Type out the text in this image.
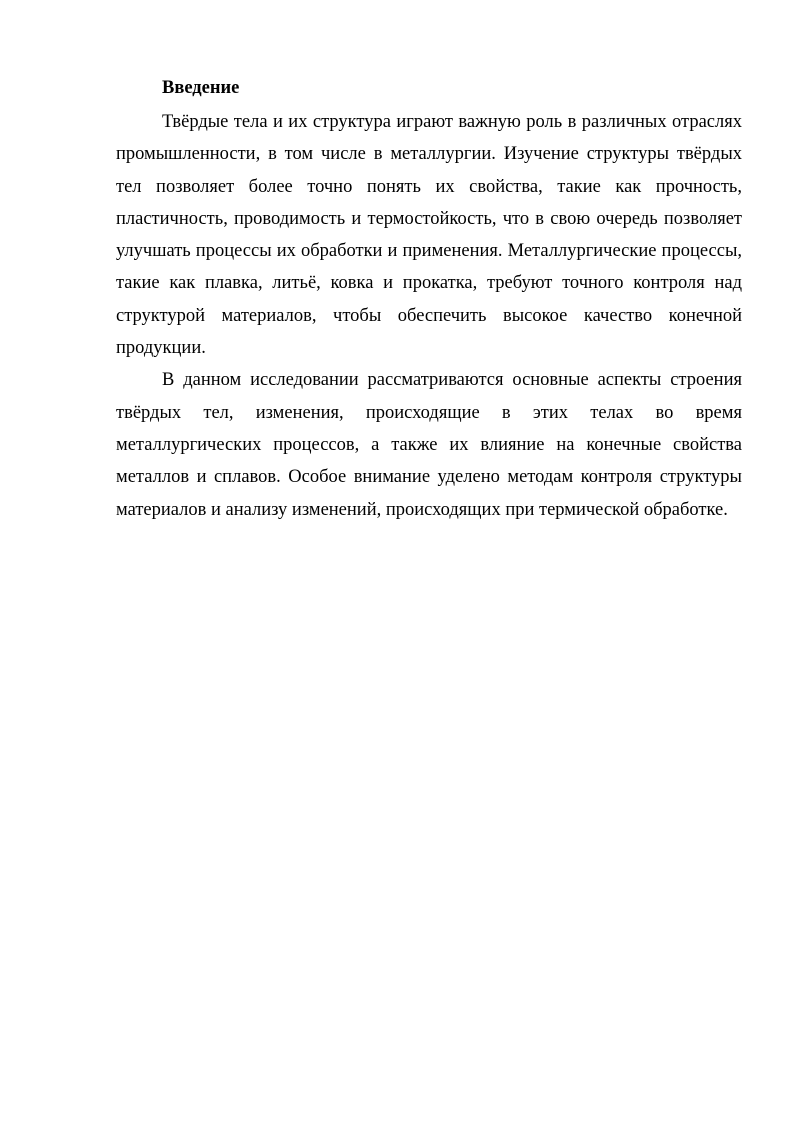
Введение

Твёрдые тела и их структура играют важную роль в различных отраслях промышленности, в том числе в металлургии. Изучение структуры твёрдых тел позволяет более точно понять их свойства, такие как прочность, пластичность, проводимость и термостойкость, что в свою очередь позволяет улучшать процессы их обработки и применения. Металлургические процессы, такие как плавка, литьё, ковка и прокатка, требуют точного контроля над структурой материалов, чтобы обеспечить высокое качество конечной продукции.

В данном исследовании рассматриваются основные аспекты строения твёрдых тел, изменения, происходящие в этих телах во время металлургических процессов, а также их влияние на конечные свойства металлов и сплавов. Особое внимание уделено методам контроля структуры материалов и анализу изменений, происходящих при термической обработке.
